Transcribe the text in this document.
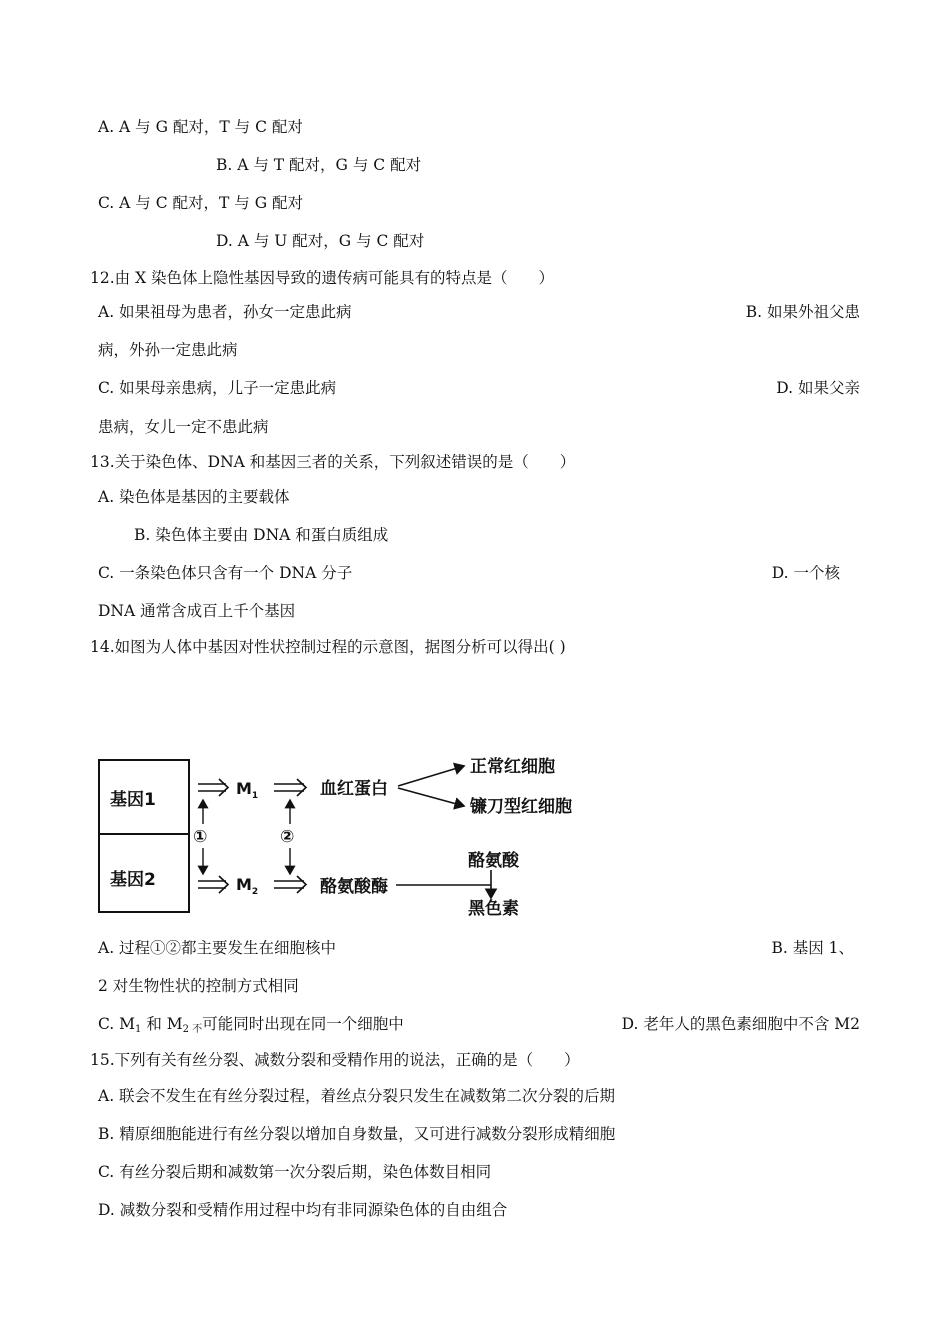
A. A 与 G 配对，T 与 C 配对
B. A 与 T 配对，G 与 C 配对
C. A 与 C 配对，T 与 G 配对
D. A 与 U 配对，G 与 C 配对
12.由 X 染色体上隐性基因导致的遗传病可能具有的特点是（　　）
A. 如果祖母为患者，孙女一定患此病	B. 如果外祖父患
病，外孙一定患此病
C. 如果母亲患病，儿子一定患此病	D. 如果父亲
患病，女儿一定不患此病
13.关于染色体、DNA 和基因三者的关系，下列叙述错误的是（　　）
A. 染色体是基因的主要载体
B. 染色体主要由 DNA 和蛋白质组成
C. 一条染色体只含有一个 DNA 分子	D. 一个核
DNA 通常含成百上千个基因
14.如图为人体中基因对性状控制过程的示意图，据图分析可以得出( )
基因1
基因2
$M_1$
$M_2$
①	②
血红蛋白
酪氨酸酶
正常红细胞
镰刀型红细胞
酪氨酸
黑色素
A. 过程①②都主要发生在细胞核中	B. 基因 1、
2 对生物性状的控制方式相同
C. $M_1$ 和 $M_{2 不}$可能同时出现在同一个细胞中	D. 老年人的黑色素细胞中不含 M2
15.下列有关有丝分裂、减数分裂和受精作用的说法，正确的是（　　）
A. 联会不发生在有丝分裂过程，着丝点分裂只发生在减数第二次分裂的后期
B. 精原细胞能进行有丝分裂以增加自身数量，又可进行减数分裂形成精细胞
C. 有丝分裂后期和减数第一次分裂后期，染色体数目相同
D. 减数分裂和受精作用过程中均有非同源染色体的自由组合
